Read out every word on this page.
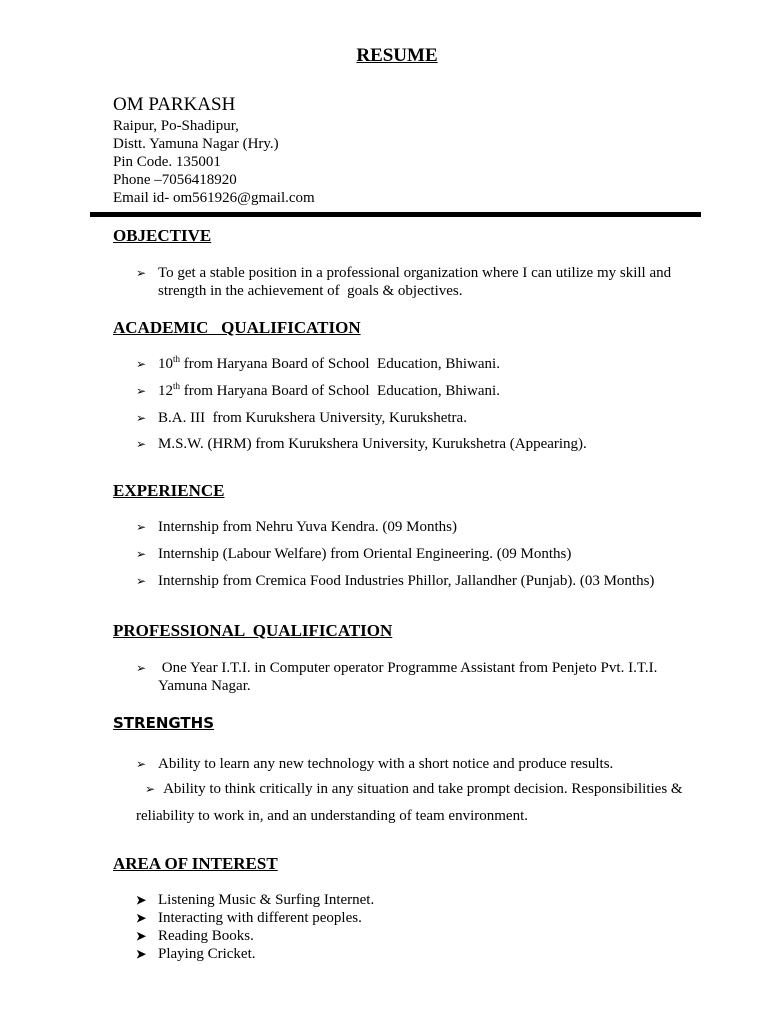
RESUME
OM PARKASH
Raipur, Po-Shadipur,
Distt. Yamuna Nagar (Hry.)
Pin Code. 135001
Phone –7056418920
Email id- om561926@gmail.com
OBJECTIVE
➢ To get a stable position in a professional organization where I can utilize my skill and strength in the achievement of  goals & objectives.
ACADEMIC   QUALIFICATION
➢ 10th from Haryana Board of School  Education, Bhiwani.
➢ 12th from Haryana Board of School  Education, Bhiwani.
➢ B.A. III  from Kurukshera University, Kurukshetra.
➢ M.S.W. (HRM) from Kurukshera University, Kurukshetra (Appearing).
EXPERIENCE
➢ Internship from Nehru Yuva Kendra. (09 Months)
➢ Internship (Labour Welfare) from Oriental Engineering. (09 Months)
➢ Internship from Cremica Food Industries Phillor, Jallandher (Punjab). (03 Months)
PROFESSIONAL  QUALIFICATION
➢ One Year I.T.I. in Computer operator Programme Assistant from Penjeto Pvt. I.T.I. Yamuna Nagar.
STRENGTHS
➢ Ability to learn any new technology with a short notice and produce results.
➢ Ability to think critically in any situation and take prompt decision. Responsibilities & reliability to work in, and an understanding of team environment.
AREA OF INTEREST
➤ Listening Music & Surfing Internet.
➤ Interacting with different peoples.
➤ Reading Books.
➤ Playing Cricket.
